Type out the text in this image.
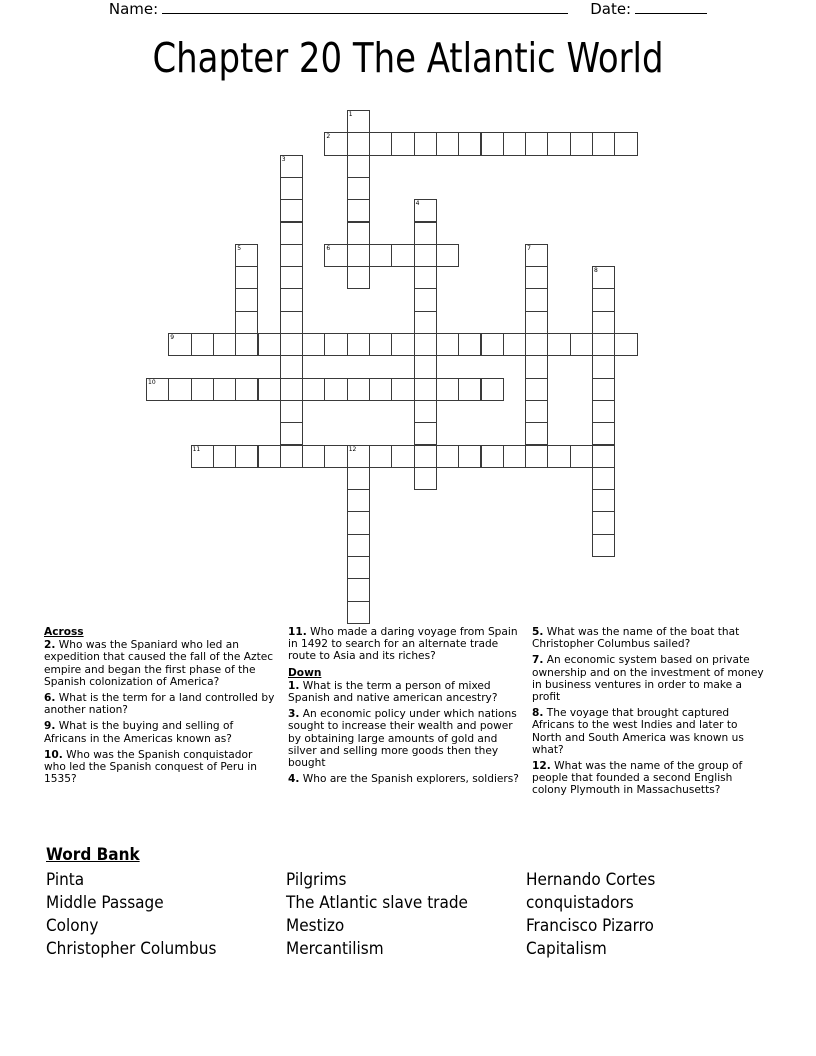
Name:	Date:
Chapter 20 The Atlantic World
1
2
3
4
5	6	7
8
9
10
11	12
Across
2. Who was the Spaniard who led an expedition that caused the fall of the Aztec empire and began the first phase of the Spanish colonization of America?
6. What is the term for a land controlled by another nation?
9. What is the buying and selling of Africans in the Americas known as?
10. Who was the Spanish conquistador who led the Spanish conquest of Peru in 1535?
11. Who made a daring voyage from Spain in 1492 to search for an alternate trade route to Asia and its riches?
Down
1. What is the term a person of mixed Spanish and native american ancestry?
3. An economic policy under which nations sought to increase their wealth and power by obtaining large amounts of gold and silver and selling more goods then they bought
4. Who are the Spanish explorers, soldiers?
5. What was the name of the boat that Christopher Columbus sailed?
7. An economic system based on private ownership and on the investment of money in business ventures in order to make a profit
8. The voyage that brought captured Africans to the west Indies and later to North and South America was known us what?
12. What was the name of the group of people that founded a second English colony Plymouth in Massachusetts?
Word Bank
Pinta	Pilgrims	Hernando Cortes
Middle Passage	The Atlantic slave trade	conquistadors
Colony	Mestizo	Francisco Pizarro
Christopher Columbus	Mercantilism	Capitalism
